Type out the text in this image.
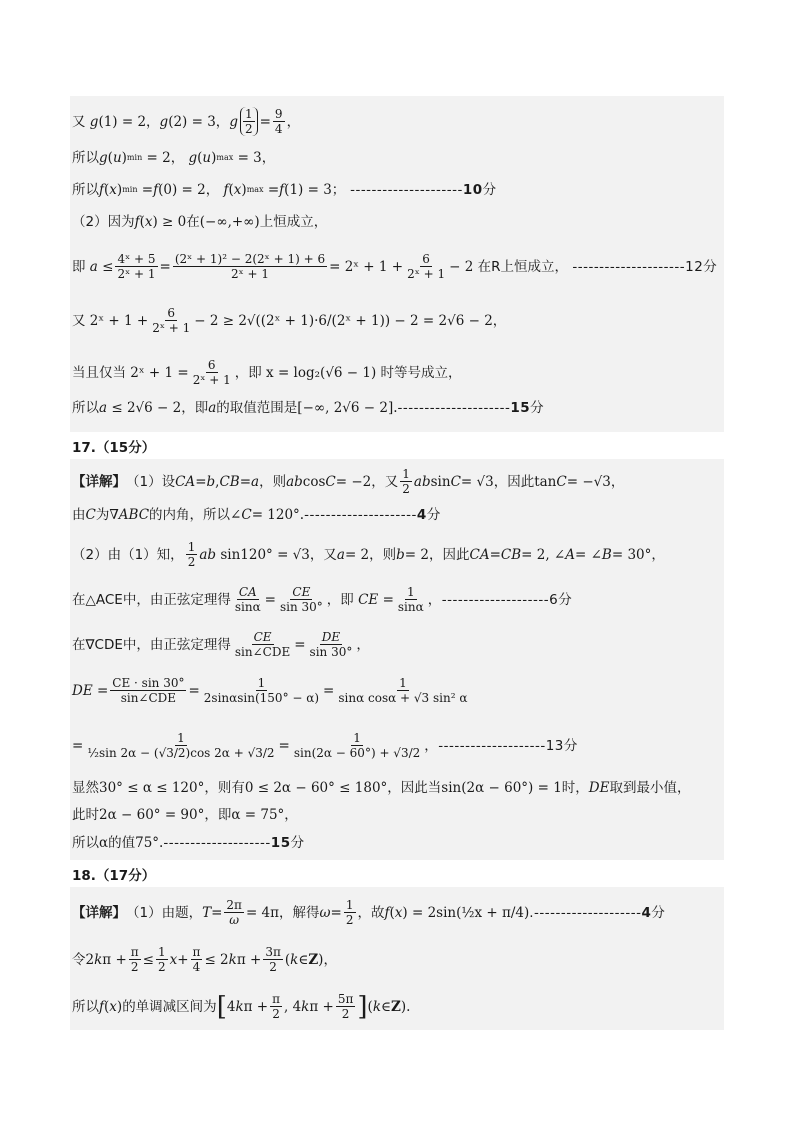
又 g (1) = 2， g (2) = 3， g $\frac{1}{2} = \frac{9}{4}$ ，
所以 g ( u ) min = 2， g ( u ) max = 3，
所以 f ( x ) min = f (0) = 2， f ( x ) max = f (1) = 3； ---------------------10分
（2）因为 f ( x ) ≥ 0 在 (−∞,+∞) 上恒成立，
即
$a \le \frac{\text{4ˣ + 5}}{\text{2ˣ + 1}} = \frac{\text{(2ˣ + 1)² − 2(2ˣ + 1) + 6}}{\text{2ˣ + 1}}$ = 2ˣ + $1 + \frac{6}{\text{2ˣ + 1}} - 2$
在R上恒成立，
---------------------12分
又
2ˣ + $1 + \frac{6}{\text{2ˣ + 1}} - 2$ ≥ 2√((2ˣ + 1)·6/(2ˣ + 1)) − 2 = 2√6 − 2，
当且仅当
2ˣ + $1 = \frac{6}{\text{2ˣ + 1}}$ ，即 x = log₂(√6 − 1) 时等号成立，
所以 a ≤ 2√6 − 2 ，即 a 的取值范围是 [−∞, 2√6 − 2]. ---------------------15分
17.（15分）
【详解】 （1）设 CA = b , CB = a ，则 ab cos C = −2 ，又 $\frac{1}{2}$ ab sin C = √3 ，因此 tan C = −√3，
由 C 为 ∇ ABC 的内角，所以 ∠ C = 120°. ---------------------4分
（2）由（1）知， $\frac{1}{2}$ ab sin120° = √3 ，又 a = 2 ，则 b = 2 ，因此 CA = CB = 2, ∠ A = ∠ B = 30°，
在△ACE中，由正弦定理得 $\frac{CA}{\sin\alpha} = \frac{CE}{\sin 30^\circ}$ ，即
CE = $\frac{1}{\sin\alpha}$ ，--------------------6分
在∇CDE中，由正弦定理得 $\frac{CE}{\text{sin∠CDE}} = \frac{DE}{\sin 30^\circ}$ ，
DE = $\frac{CE \cdot \sin 30^\circ}{\text{sin∠CDE}} = \frac{1}{2\sin\alpha\sin(150^\circ - \alpha)} = \frac{1}{\text{sinα cosα + √3 sin² α}}$
= $\frac{1}{\text{½sin 2α − (√3/2)cos 2α + √3/2}} = \frac{1}{\sin(2\alpha - 60^\circ) + √3/2}$ ，--------------------13分
显然 30° ≤ α ≤ 120° ，则有 0 ≤ 2α − 60° ≤ 180° ，因此当 sin(2α − 60°) = 1 时， DE 取到最小值，
此时 2α − 60° = 90° ，即 α = 75°，
所以 α 的值 75°. --------------------15分
18.（17分）
【详解】 （1）由题， $T = \frac{2\pi}{\omega} = 4\pi$ ，解得 $\omega = \frac{1}{2}$ ，故 f ( x ) = 2sin (½x + π/4) .--------------------4分
令 2 k $\pi + \frac{\pi}{2} \le \frac{1}{2}$ $x + \frac{\pi}{4} \le 2$ k $\pi + \frac{3\pi}{2}$ ( k ∈ Z )，
所以 f ( x ) 的单调减区间为 [ 4 k $\pi + \frac{\pi}{2}$ , 4 k $\pi + \frac{5\pi}{2}$ ] ( k ∈ Z ).
